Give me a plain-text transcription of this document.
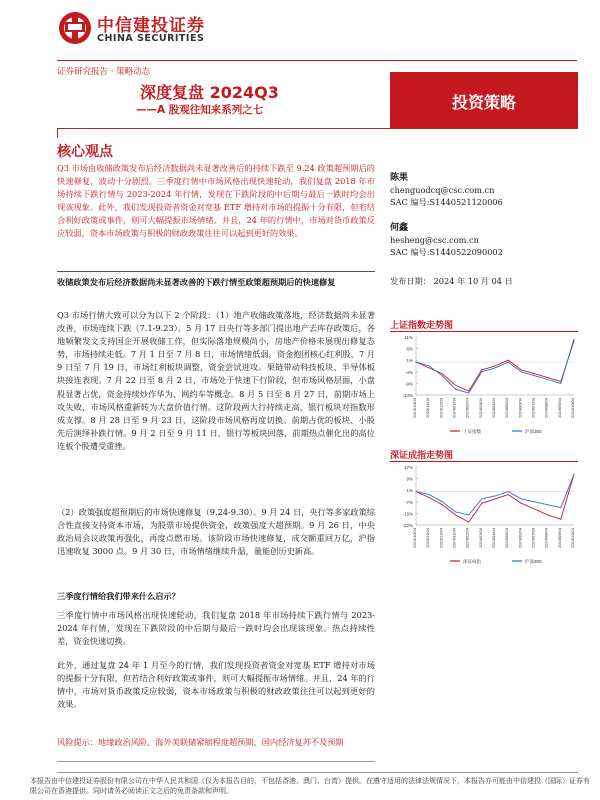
中信建投证券
CHINA SECURITIES
证券研究报告 · 策略动态
深度复盘 2024Q3
——A 股观往知来系列之七	投资策略
核心观点
Q3 市场由收储政策发布后经济数据尚未显著改善后的持续下跌至 9.24 政策超预期后的快速修复，波动十分剧烈。三季度行情中市场风格出现快速轮动，我们复盘 2018 年市场持续下跌行情与 2023-2024 年行情，发现在下跌阶段的中后期与最后一跌时均会出现该现象。此外，我们发现投资者资金对宽基 ETF 增持对市场的提振十分有限，但若结合利好政策或事件，则可大幅提振市场情绪。并且，24 年的行情中，市场对货币政策反应较弱，资本市场政策与积极的财政政策往往可以起到更好的效果。
收储政策发布后经济数据尚未显著改善的下跌行情至政策超预期后的快速修复
Q3 市场行情大致可以分为以下 2 个阶段：（1）地产收储政策落地，经济数据尚未显著改善，市场连续下跌（7.1-9.23）。5 月 17 日央行等多部门提出地产去库存政策后，各地频繁发文支持国企开展收储工作，但实际落地规模尚小，房地产价格未展现出修复态势，市场持续走低。7 月 1 日至 7 月 8 日，市场情绪低弱，资金抱团核心红利股，7 月 9 日至 7 月 19 日，市场红利板块调整，资金尝试进攻。果链带动科技板块、半导体板块接连表现。7 月 22 日至 8 月 2 日，市场处于快速下行阶段，但市场风格层面，小盘股显著占优，资金持续炒作华为、网约车等概念。8 月 5 日至 8 月 27 日，前期市场上攻失败，市场风格重新转为大盘价值行情。这阶段两大行持续走高，银行板块对指数形成支撑。8 月 28 日至 9 月 23 日，这阶段市场风格再度切换。前期占优的板块、小股先后演绎补跌行情。9 月 2 日至 9 月 11 日，银行等板块回落，前期热点催化出的高位连板个股遭受重挫。
（2）政策强度超预期后的市场快速修复（9.24-9.30）。9 月 24 日，央行等多家政策综合性直接支持资本市场，为股票市场提供资金，政策强度大超预期。9 月 26 日，中央政治局会议政策再强化，再度点燃市场。该阶段市场快速修复，成交额重回万亿，沪指迅速收复 3000 点。9 月 30 日，市场情绪继续升温，量能创历史新高。
三季度行情给我们带来什么启示？
三季度行情中市场风格出现快速轮动，我们复盘 2018 年市场持续下跌行情与 2023-2024 年行情，发现在下跌阶段的中后期与最后一跌时均会出现该现象。热点持续性差，资金快速切换。
此外，通过复盘 24 年 1 月至今的行情，我们发现投资者资金对宽基 ETF 增持对市场的提振十分有限，但若结合利好政策或事件，则可大幅提振市场情绪。并且，24 年的行情中，市场对货币政策反应较弱，资本市场政策与积极的财政政策往往可以起到更好的效果。
风险提示：地缘政治风险、海外美联储紧缩程度超预期、国内经济复苏不及预期
陈果
chenguodcq@csc.com.cn
SAC 编号:S1440521120006
何鑫
hesheng@csc.com.cn
SAC 编号:S1440522090002
发布日期： 2024 年 10 月 04 日
上证指数走势图
11%
6%
1%
-4%
-9%
-14%
2023/10/04 2023/11/04 2023/12/04 2024/01/04 2024/02/04 2024/03/04 2024/04/04 2024/05/04 2024/06/04 2024/07/04 2024/08/04 2024/09/04 2024/10/04
上证指数	沪深300
深证成指走势图
17%
9%
1%
-7%
-15%
-22%
2023/10/04 2023/11/04 2023/12/04 2024/01/04 2024/02/04 2024/03/04 2024/04/04 2024/05/04 2024/06/04 2024/07/04 2024/08/04 2024/09/04 2024/10/04
深证成指	沪深300
本报告由中信建投证券股份有限公司在中华人民共和国（仅为本报告目的，不包括香港、澳门、台湾）提供。在遵守适用的法律法规情况下，本报告亦可能由中信建投（国际）证券有限公司在香港提供。同时请务必阅读正文之后的免责条款和声明。
